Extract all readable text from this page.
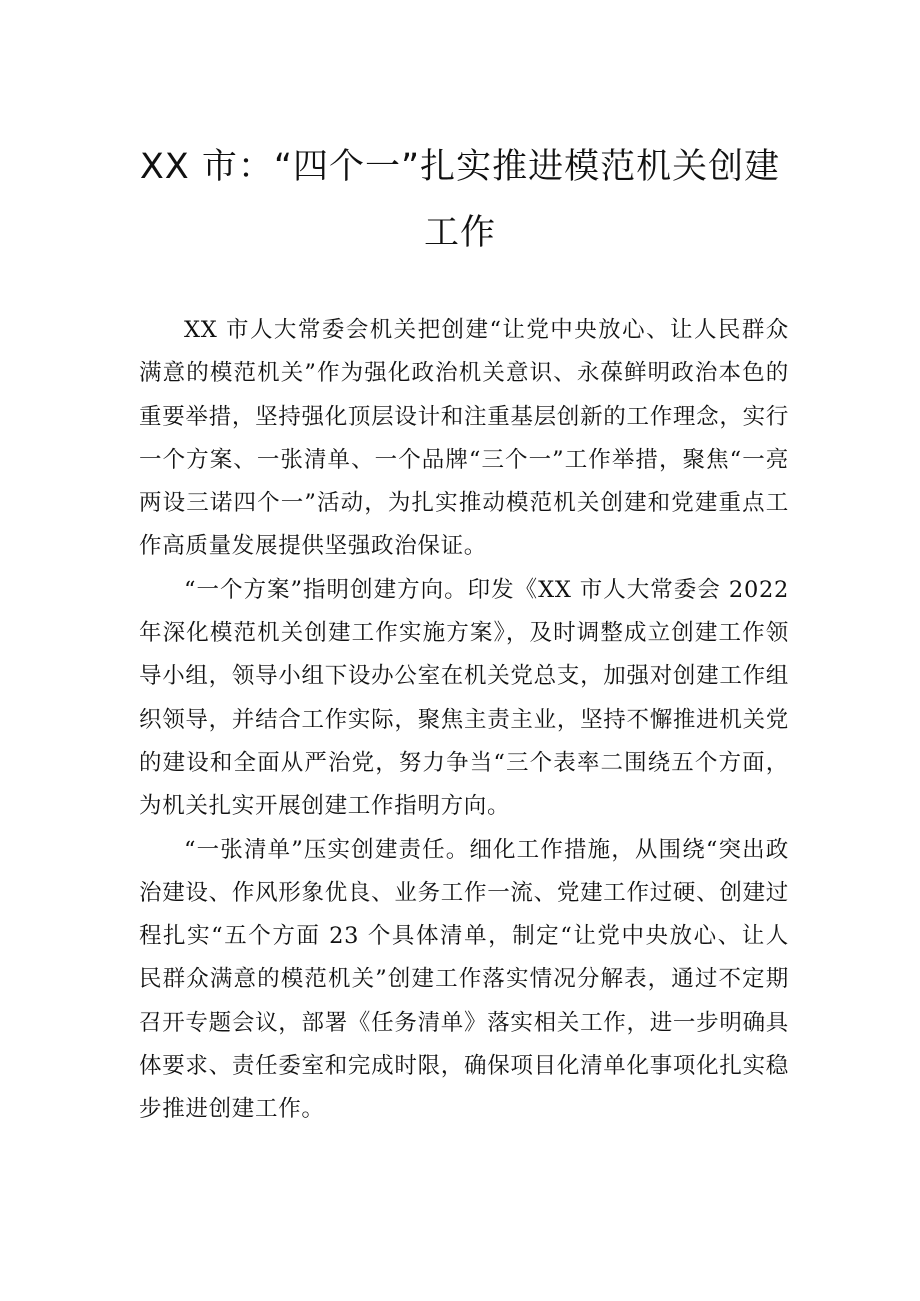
XX 市：“四个一”扎实推进模范机关创建工作

XX 市人大常委会机关把创建“让党中央放心、让人民群众满意的模范机关”作为强化政治机关意识、永葆鲜明政治本色的重要举措，坚持强化顶层设计和注重基层创新的工作理念，实行一个方案、一张清单、一个品牌“三个一”工作举措，聚焦“一亮两设三诺四个一”活动，为扎实推动模范机关创建和党建重点工作高质量发展提供坚强政治保证。

“一个方案”指明创建方向。印发《XX 市人大常委会 2022 年深化模范机关创建工作实施方案》，及时调整成立创建工作领导小组，领导小组下设办公室在机关党总支，加强对创建工作组织领导，并结合工作实际，聚焦主责主业，坚持不懈推进机关党的建设和全面从严治党，努力争当“三个表率二围绕五个方面，为机关扎实开展创建工作指明方向。

“一张清单”压实创建责任。细化工作措施，从围绕“突出政治建设、作风形象优良、业务工作一流、党建工作过硬、创建过程扎实“五个方面 23 个具体清单，制定“让党中央放心、让人民群众满意的模范机关”创建工作落实情况分解表，通过不定期召开专题会议，部署《任务清单》落实相关工作，进一步明确具体要求、责任委室和完成时限，确保项目化清单化事项化扎实稳步推进创建工作。
